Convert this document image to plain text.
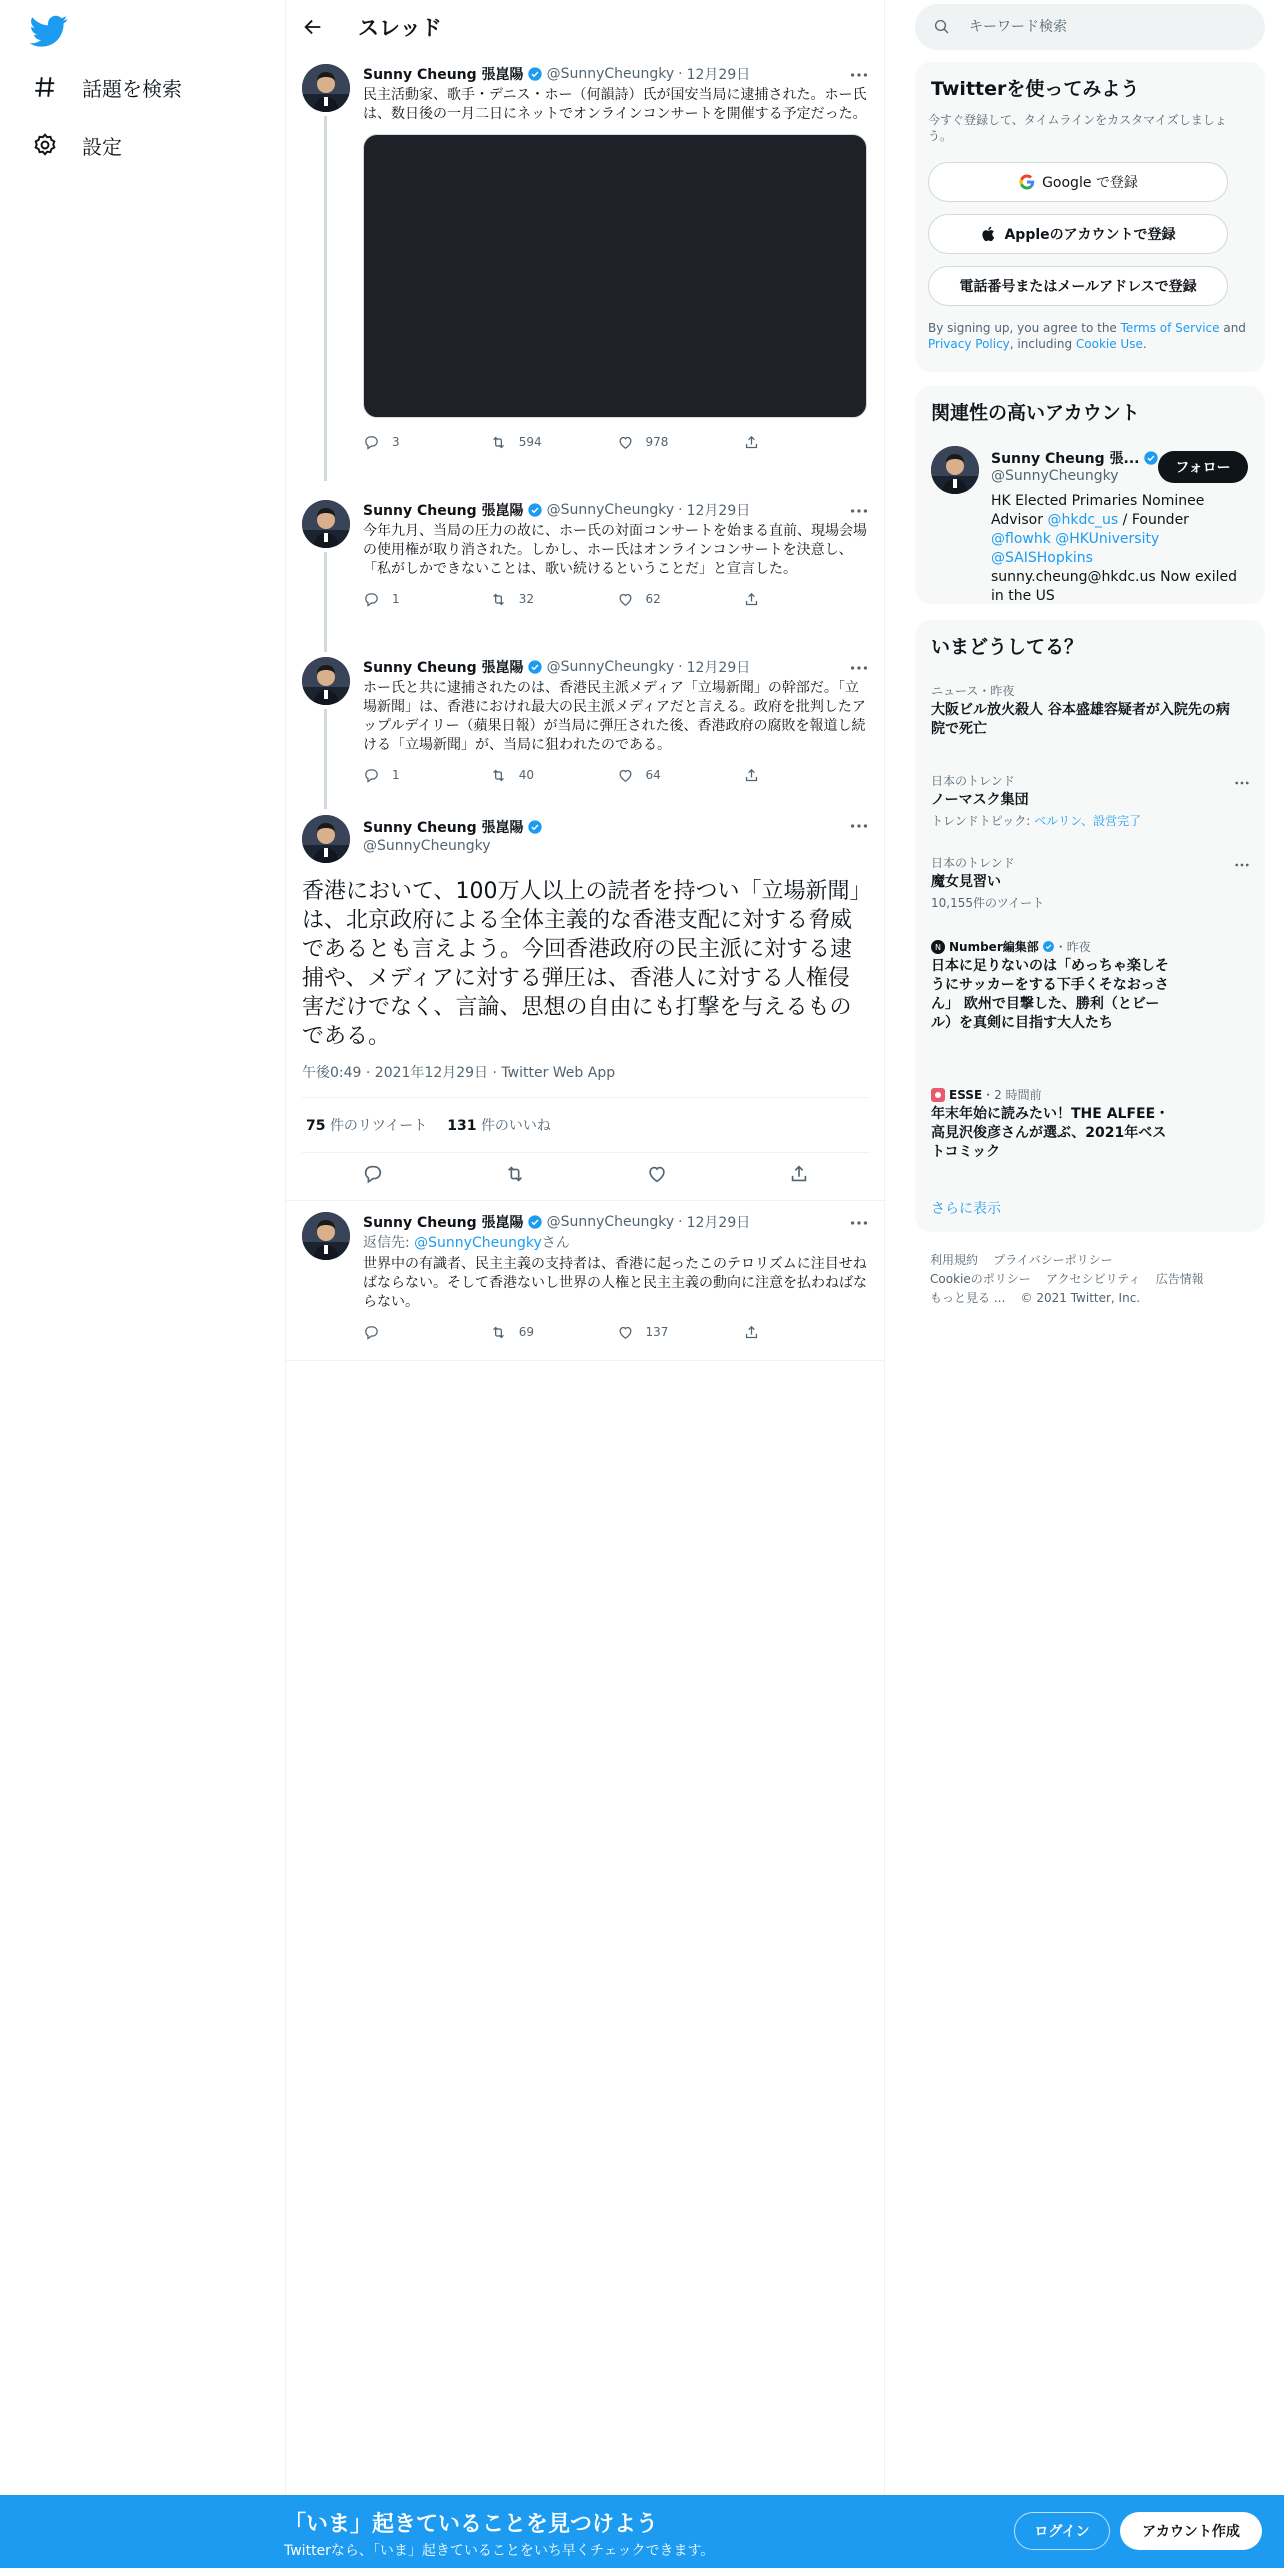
話題を検索
設定
スレッド
Sunny Cheung 張崑陽 @SunnyCheungky · 12月29日
民主活動家、歌手・デニス・ホー（何韻詩）氏が国安当局に逮捕された。ホー氏は、数日後の一月二日にネットでオンラインコンサートを開催する予定だった。
3	594	978
Sunny Cheung 張崑陽 @SunnyCheungky · 12月29日
今年九月、当局の圧力の故に、ホー氏の対面コンサートを始まる直前、現場会場の使用権が取り消された。しかし、ホー氏はオンラインコンサートを決意し、「私がしかできないことは、歌い続けるということだ」と宣言した。
1	32	62
Sunny Cheung 張崑陽 @SunnyCheungky · 12月29日
ホー氏と共に逮捕されたのは、香港民主派メディア「立場新聞」の幹部だ。「立場新聞」は、香港におけれ最大の民主派メディアだと言える。政府を批判したアップルデイリー（蘋果日報）が当局に弾圧された後、香港政府の腐敗を報道し続ける「立場新聞」が、当局に狙われたのである。
1	40	64
Sunny Cheung 張崑陽
@SunnyCheungky
香港において、100万人以上の読者を持つい「立場新聞」は、北京政府による全体主義的な香港支配に対する脅威であるとも言えよう。今回香港政府の民主派に対する逮捕や、メディアに対する弾圧は、香港人に対する人権侵害だけでなく、言論、思想の自由にも打撃を与えるものである。
午後0:49 · 2021年12月29日 · Twitter Web App
75 件のリツイート 131 件のいいね
Sunny Cheung 張崑陽 @SunnyCheungky · 12月29日
返信先: @SunnyCheungkyさん
世界中の有識者、民主主義の支持者は、香港に起ったこのテロリズムに注目せねばならない。そして香港ないし世界の人権と民主主義の動向に注意を払わねばならない。
69	137
キーワード検索
Twitterを使ってみよう
今すぐ登録して、タイムラインをカスタマイズしましょう。
Google で登録
Appleのアカウントで登録
電話番号またはメールアドレスで登録
By signing up, you agree to the Terms of Service and Privacy Policy, including Cookie Use.
関連性の高いアカウント
Sunny Cheung 張...
@SunnyCheungky	フォロー
HK Elected Primaries Nominee Advisor @hkdc_us / Founder @flowhk @HKUniversity @SAISHopkins sunny.cheung@hkdc.us Now exiled in the US
いまどうしてる？
ニュース・昨夜
大阪ビル放火殺人 谷本盛雄容疑者が入院先の病院で死亡
日本のトレンド
ノーマスク集団
トレンドトピック: ベルリン、設営完了
日本のトレンド
魔女見習い
10,155件のツイート
N Number編集部 ・昨夜
日本に足りないのは「めっちゃ楽しそうにサッカーをする下手くそなおっさん」 欧州で目撃した、勝利（とビール）を真剣に目指す大人たち
ESSE ・2 時間前
年末年始に読みたい！THE ALFEE・高見沢俊彦さんが選ぶ、2021年ベストコミック
さらに表示
利用規約 プライバシーポリシー
Cookieのポリシー アクセシビリティ 広告情報
もっと見る ... © 2021 Twitter, Inc.
「いま」起きていることを見つけよう
Twitterなら、「いま」起きていることをいち早くチェックできます。
ログイン	アカウント作成
